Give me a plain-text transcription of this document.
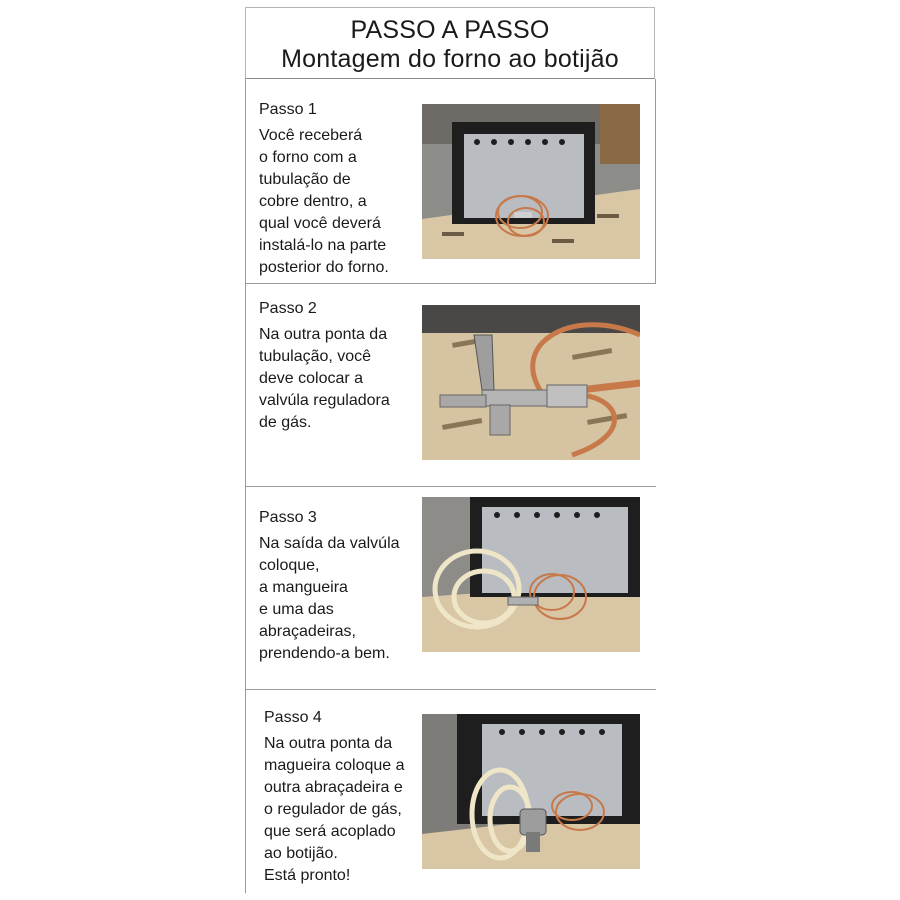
PASSO A PASSO
Montagem do forno ao botijão
Passo 1
Você receberá
o forno com a
tubulação de
cobre dentro, a
qual você deverá
instalá-lo na parte
posterior do forno.
Passo 2
Na outra ponta da
tubulação, você
deve colocar a
valvúla reguladora
de gás.
Passo 3
Na saída da valvúla
coloque,
a mangueira
e uma das
abraçadeiras,
prendendo-a bem.
Passo 4
Na outra ponta da
magueira coloque a
outra abraçadeira e
o regulador de gás,
que será acoplado
ao botijão.
Está pronto!
